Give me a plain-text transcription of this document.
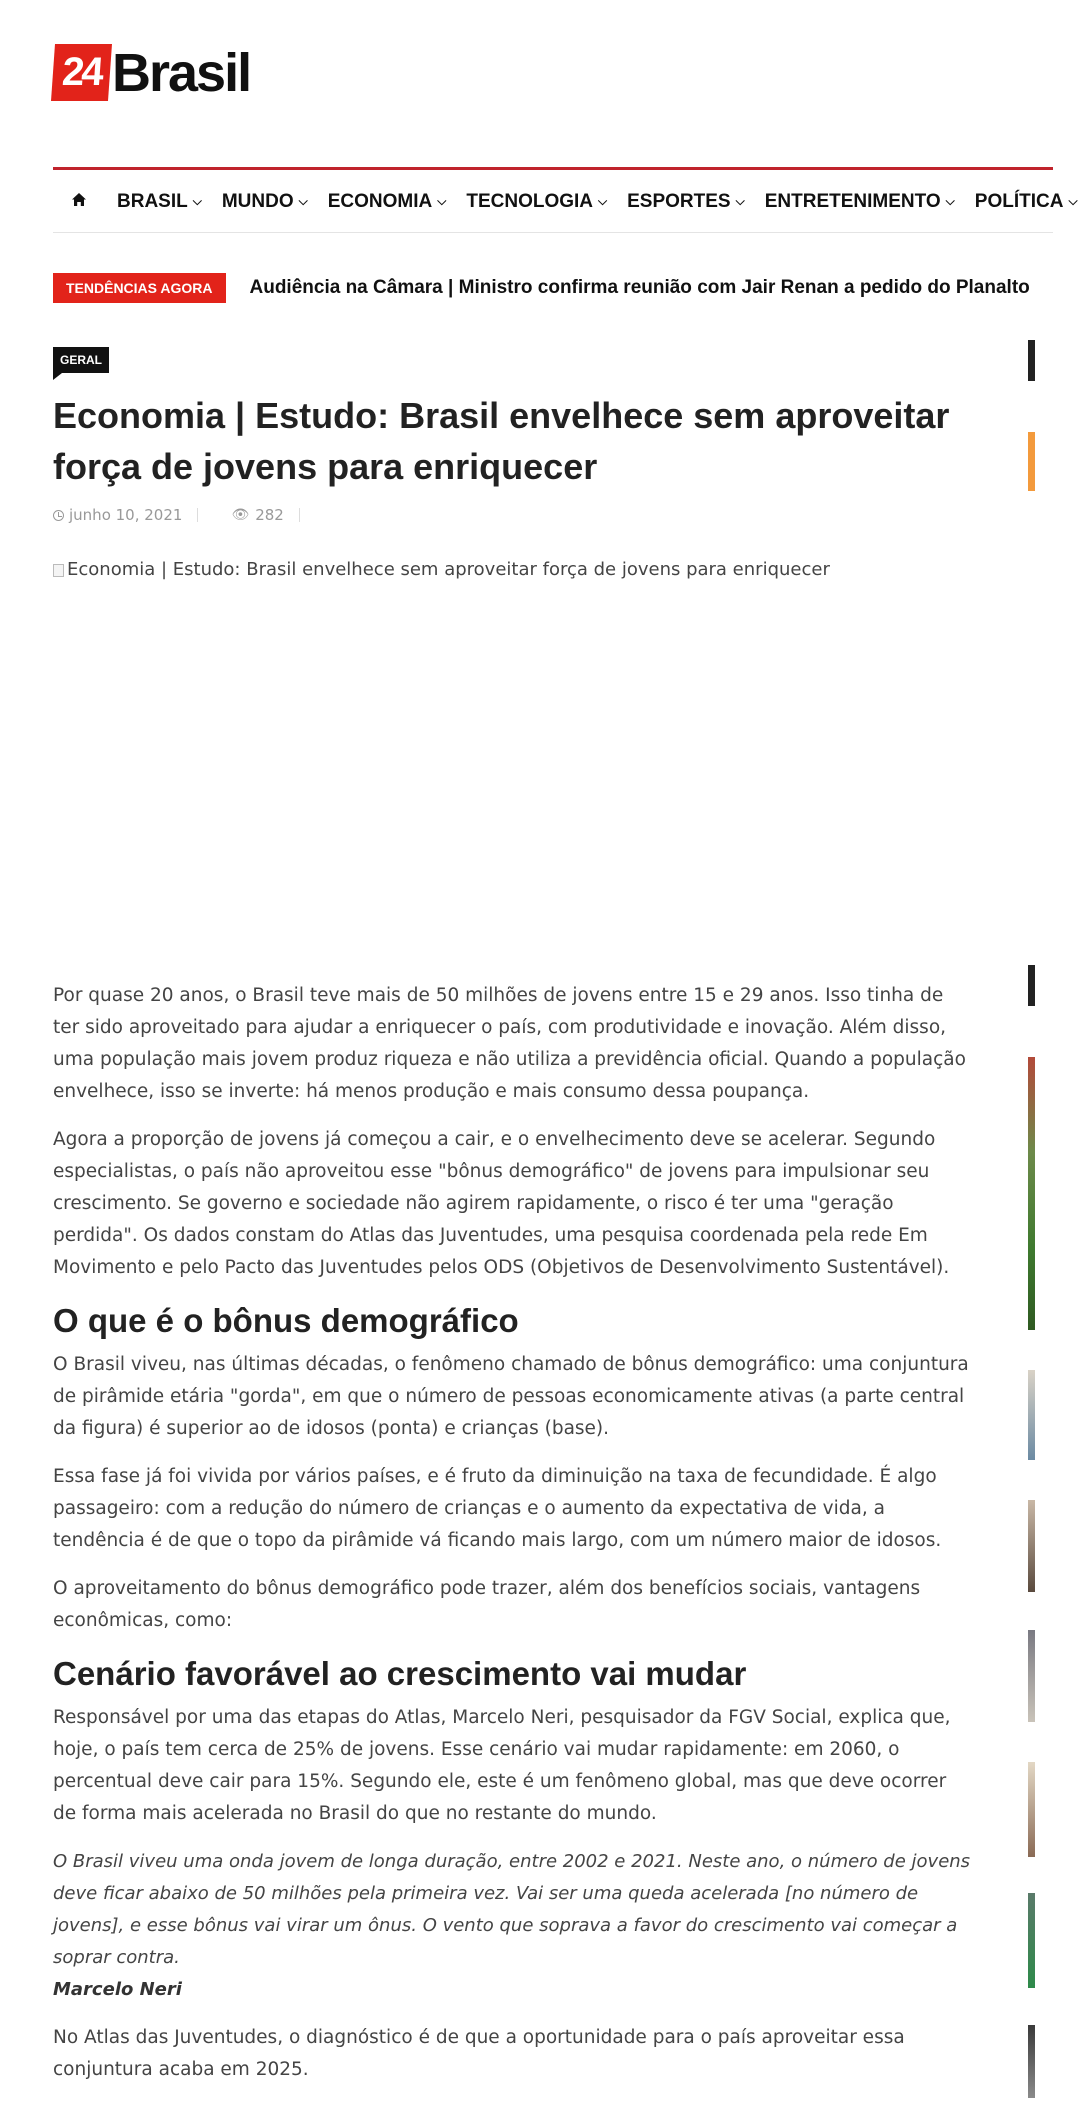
24 Brasil
BRASIL ⌵ MUNDO ⌵ ECONOMIA ⌵ TECNOLOGIA ⌵ ESPORTES ⌵ ENTRETENIMENTO ⌵ POLÍTICA ⌵
TENDÊNCIAS AGORA	Audiência na Câmara | Ministro confirma reunião com Jair Renan a pedido do Planalto
GERAL
Economia | Estudo: Brasil envelhece sem aproveitar força de jovens para enriquecer
junho 10, 2021	👁 282
Economia | Estudo: Brasil envelhece sem aproveitar força de jovens para enriquecer

Por quase 20 anos, o Brasil teve mais de 50 milhões de jovens entre 15 e 29 anos. Isso tinha de ter sido aproveitado para ajudar a enriquecer o país, com produtividade e inovação. Além disso, uma população mais jovem produz riqueza e não utiliza a previdência oficial. Quando a população envelhece, isso se inverte: há menos produção e mais consumo dessa poupança.

Agora a proporção de jovens já começou a cair, e o envelhecimento deve se acelerar. Segundo especialistas, o país não aproveitou esse "bônus demográfico" de jovens para impulsionar seu crescimento. Se governo e sociedade não agirem rapidamente, o risco é ter uma "geração perdida". Os dados constam do Atlas das Juventudes, uma pesquisa coordenada pela rede Em Movimento e pelo Pacto das Juventudes pelos ODS (Objetivos de Desenvolvimento Sustentável).

O que é o bônus demográfico

O Brasil viveu, nas últimas décadas, o fenômeno chamado de bônus demográfico: uma conjuntura de pirâmide etária "gorda", em que o número de pessoas economicamente ativas (a parte central da figura) é superior ao de idosos (ponta) e crianças (base).

Essa fase já foi vivida por vários países, e é fruto da diminuição na taxa de fecundidade. É algo passageiro: com a redução do número de crianças e o aumento da expectativa de vida, a tendência é de que o topo da pirâmide vá ficando mais largo, com um número maior de idosos.

O aproveitamento do bônus demográfico pode trazer, além dos benefícios sociais, vantagens econômicas, como:

Cenário favorável ao crescimento vai mudar

Responsável por uma das etapas do Atlas, Marcelo Neri, pesquisador da FGV Social, explica que, hoje, o país tem cerca de 25% de jovens. Esse cenário vai mudar rapidamente: em 2060, o percentual deve cair para 15%. Segundo ele, este é um fenômeno global, mas que deve ocorrer de forma mais acelerada no Brasil do que no restante do mundo.

O Brasil viveu uma onda jovem de longa duração, entre 2002 e 2021. Neste ano, o número de jovens deve ficar abaixo de 50 milhões pela primeira vez. Vai ser uma queda acelerada [no número de jovens], e esse bônus vai virar um ônus. O vento que soprava a favor do crescimento vai começar a soprar contra.

Marcelo Neri

No Atlas das Juventudes, o diagnóstico é de que a oportunidade para o país aproveitar essa conjuntura acaba em 2025.
